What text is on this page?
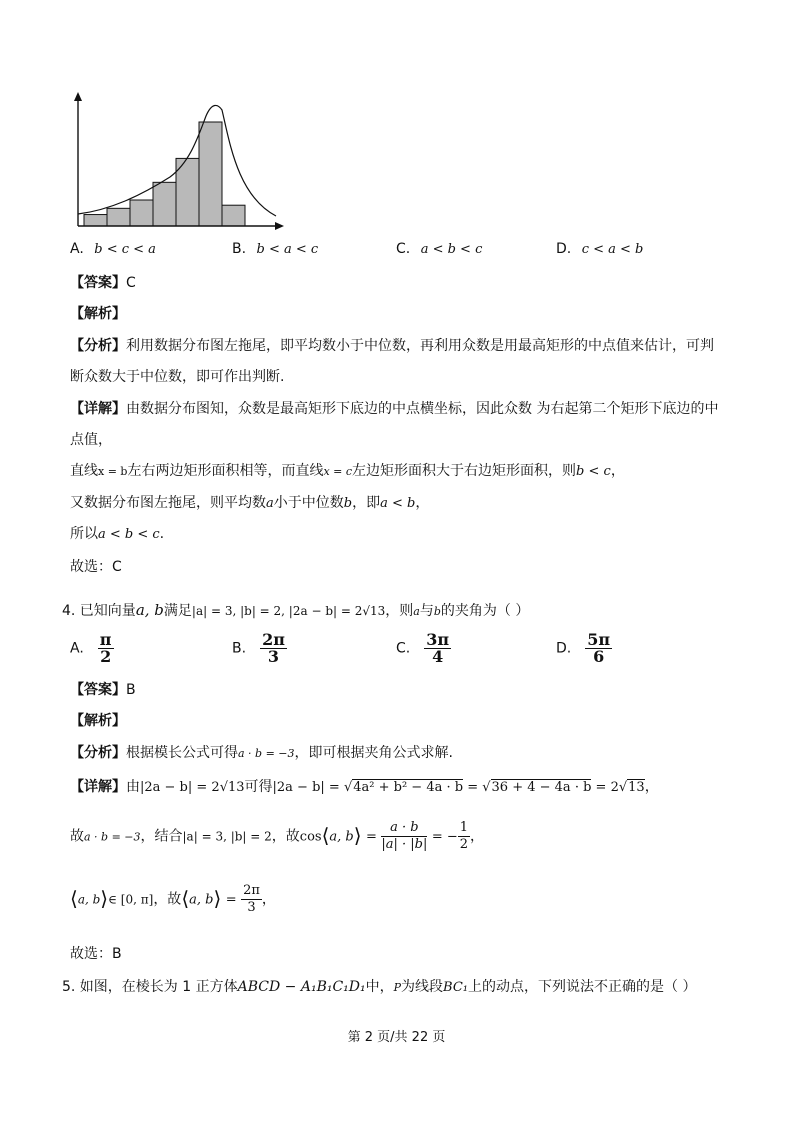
A. b < c < a	B. b < a < c	C. a < b < c	D. c < a < b
【答案】C
【解析】
【分析】利用数据分布图左拖尾，即平均数小于中位数，再利用众数是用最高矩形的中点值来估计，可判
断众数大于中位数，即可作出判断.
【详解】由数据分布图知，众数是最高矩形下底边的中点横坐标，因此众数 为右起第二个矩形下底边的中
点值，
直线x = b左右两边矩形面积相等，而直线x = c左边矩形面积大于右边矩形面积，则b < c，
又数据分布图左拖尾，则平均数a小于中位数b，即a < b，
所以a < b < c.
故选：C
4. 已知向量a, b满足|a| = 3, |b| = 2, |2a − b| = 2√13，则a与b的夹角为（ ）
A. $\frac{\pi}{2}$	B. $\frac{2\pi}{3}$	C. $\frac{3\pi}{4}$	D. $\frac{5\pi}{6}$
【答案】B
【解析】
【分析】根据模长公式可得a · b = −3，即可根据夹角公式求解.
【详解】由|2a − b| = 2√13可得|2a − b| = √4a² + b² − 4a · b = √36 + 4 − 4a · b = 2√13，
故a · b = −3，结合|a| = 3, |b| = 2，故cos⟨a, b⟩ = $\frac{a \cdot b}{|a| \cdot |b|}$ = − $\frac{1}{2}$ ，
⟨a, b⟩∈ [0, π]，故⟨a, b⟩ = $\frac{2\pi}{3}$ ，
故选：B
5. 如图，在棱长为 1 正方体ABCD − A₁B₁C₁D₁中，P为线段BC₁上的动点，下列说法不正确的是（ ）
第 2 页/共 22 页
